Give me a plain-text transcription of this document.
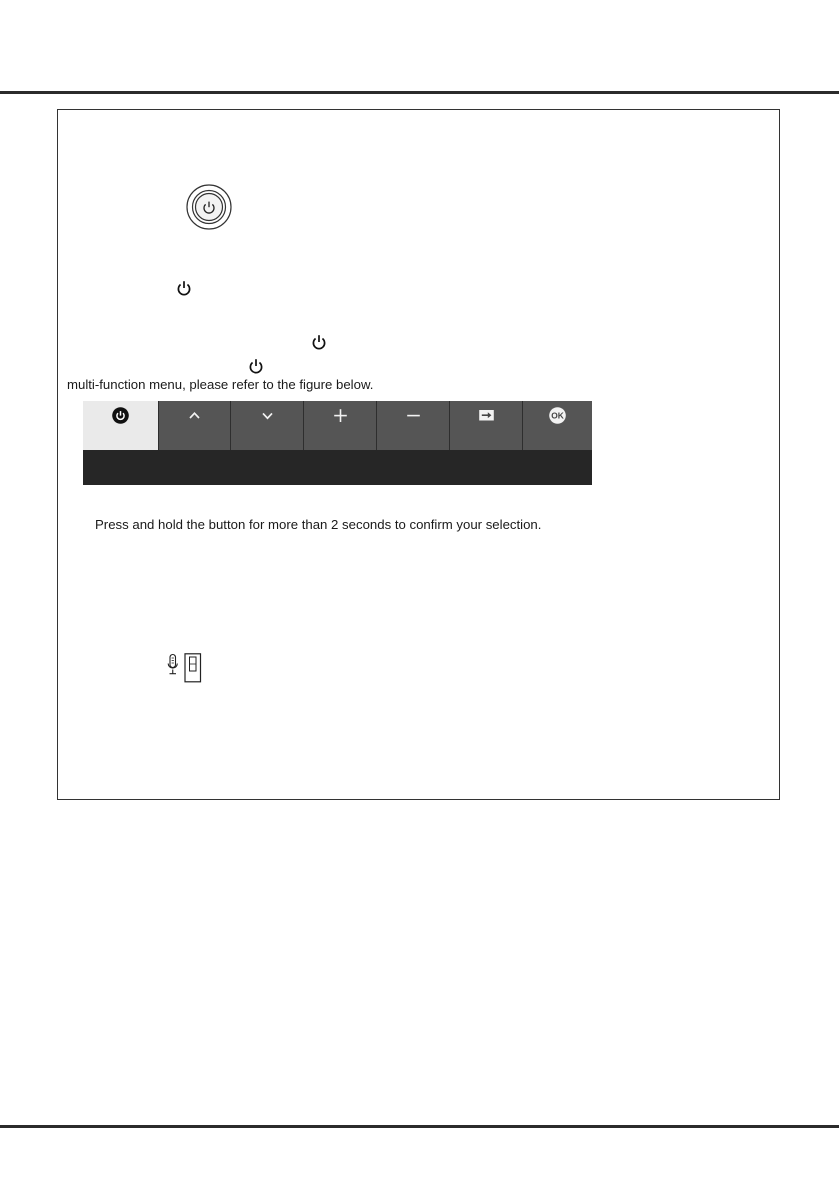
multi-function menu, please refer to the figure below.
OK
Press and hold the button for more than 2 seconds to confirm your selection.
